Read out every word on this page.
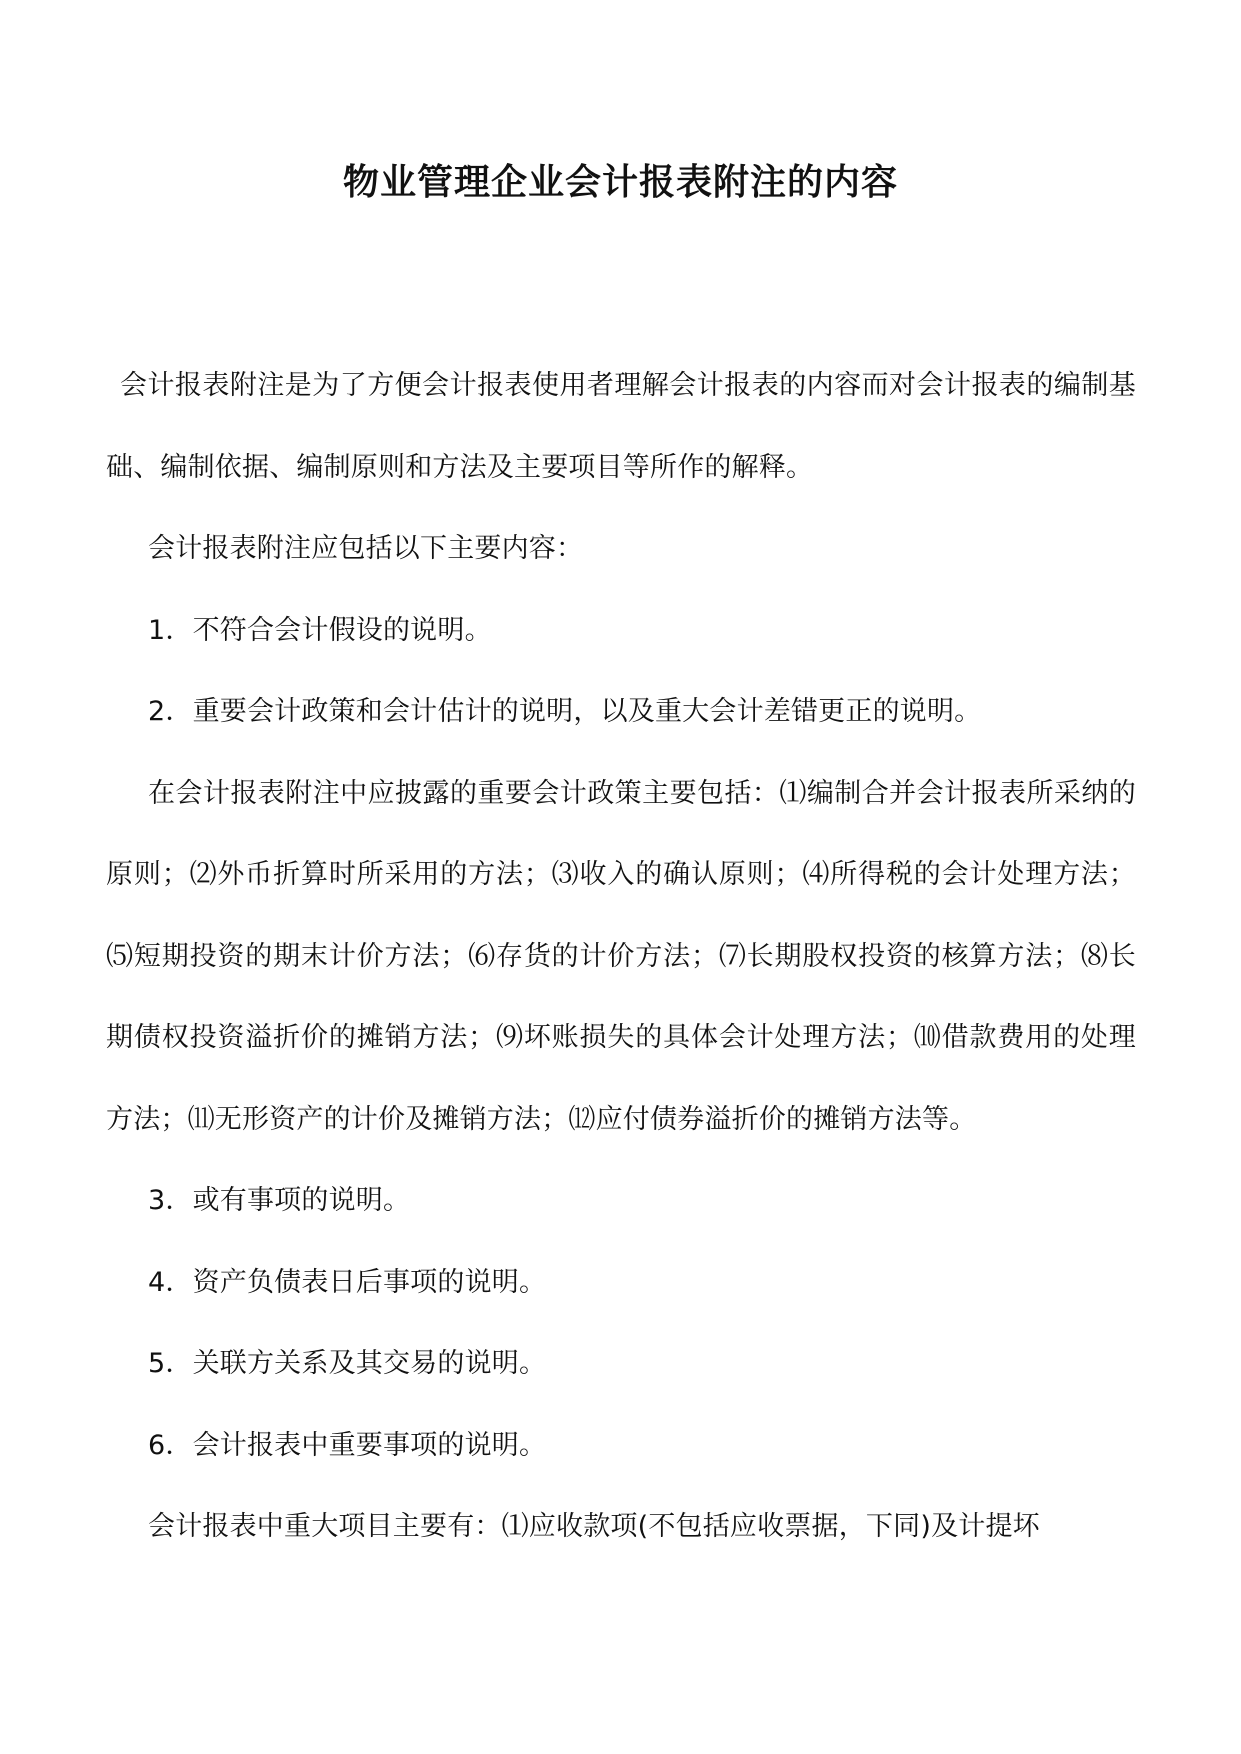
物业管理企业会计报表附注的内容

会计报表附注是为了方便会计报表使用者理解会计报表的内容而对会计报表的编制基础、编制依据、编制原则和方法及主要项目等所作的解释。

会计报表附注应包括以下主要内容：

1．不符合会计假设的说明。

2．重要会计政策和会计估计的说明，以及重大会计差错更正的说明。

在会计报表附注中应披露的重要会计政策主要包括：⑴编制合并会计报表所采纳的原则；⑵外币折算时所采用的方法；⑶收入的确认原则；⑷所得税的会计处理方法；⑸短期投资的期末计价方法；⑹存货的计价方法；⑺长期股权投资的核算方法；⑻长期债权投资溢折价的摊销方法；⑼坏账损失的具体会计处理方法；⑽借款费用的处理方法；⑾无形资产的计价及摊销方法；⑿应付债券溢折价的摊销方法等。

3．或有事项的说明。

4．资产负债表日后事项的说明。

5．关联方关系及其交易的说明。

6．会计报表中重要事项的说明。

会计报表中重大项目主要有：⑴应收款项(不包括应收票据，下同)及计提坏
